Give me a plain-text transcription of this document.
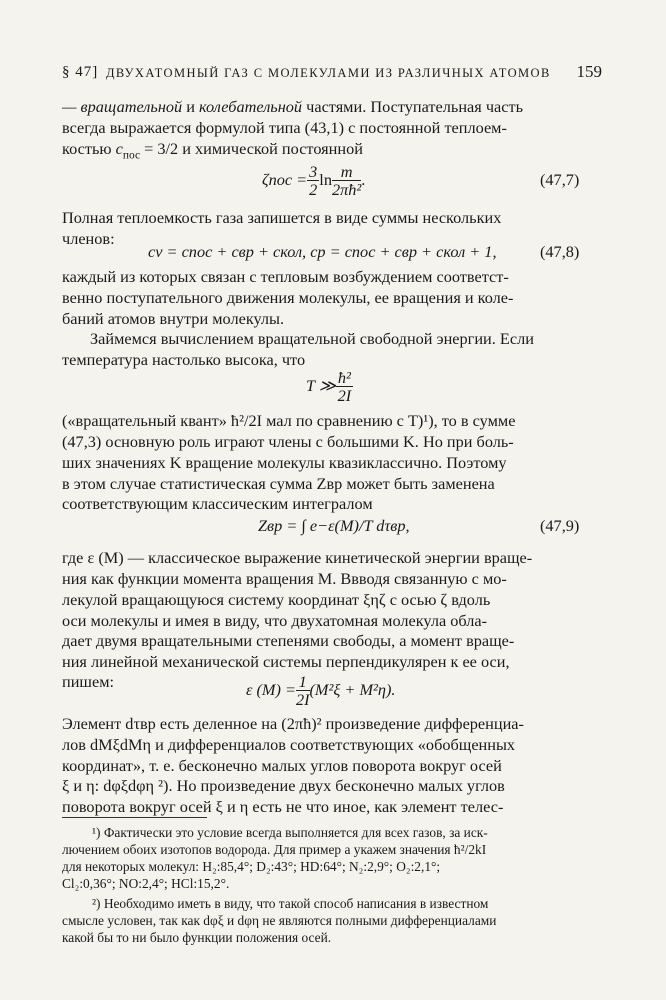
§ 47] ДВУХАТОМНЫЙ ГАЗ С МОЛЕКУЛАМИ ИЗ РАЗЛИЧНЫХ АТОМОВ 159
— вращательной и колебательной частями. Поступательная часть
всегда выражается формулой типа (43,1) с постоянной теплоем-
костью $c_{пос} = 3/2$ и химической постоянной
$\zeta пос = \frac{3}{2}$ $\ln \frac{m}{\text{2πħ²}}$ .	(47,7)
Полная теплоемкость газа запишется в виде суммы нескольких
членов:
cv = cпос + cвр + cкол, cp = cпос + cвр + cкол + 1,	(47,8)
каждый из которых связан с тепловым возбуждением соответст-
венно поступательного движения молекулы, ее вращения и коле-
баний атомов внутри молекулы.
Займемся вычислением вращательной свободной энергии. Если
температура настолько высока, что
T ≫ $\frac{\text{ħ²}}{2I}$
(«вращательный квант» ħ²/2I мал по сравнению с T)¹), то в сумме
(47,3) основную роль играют члены с большими K. Но при боль-
ших значениях K вращение молекулы квазиклассично. Поэтому
в этом случае статистическая сумма Zвр может быть заменена
соответствующим классическим интегралом
Zвр = ∫ e−ε(M)/T dτвр,	(47,9)
где ε (M) — классическое выражение кинетической энергии враще-
ния как функции момента вращения M. Ввводя связанную с мо-
лекулой вращающуюся систему координат ξηζ с осью ζ вдоль
оси молекулы и имея в виду, что двухатомная молекула обла-
дает двумя вращательными степенями свободы, а момент враще-
ния линейной механической системы перпендикулярен к ее оси,
пишем:	ε $(M) = \frac{1}{2I} (M^2\xi + M^2\eta)$.
Элемент dτвр есть деленное на (2πħ)² произведение дифференциа-
лов dMξdMη и дифференциалов соответствующих «обобщенных
координат», т. е. бесконечно малых углов поворота вокруг осей
ξ и η: dφξdφη ²). Но произведение двух бесконечно малых углов
поворота вокруг осей ξ и η есть не что иное, как элемент телес-
¹) Фактически это условие всегда выполняется для всех газов, за иск-
лючением обоих изотопов водорода. Для пример а укажем значения ħ²/2kI
для некоторых молекул: H₂:85,4°; D₂:43°; HD:64°; N₂:2,9°; O₂:2,1°;
Cl₂:0,36°; NO:2,4°; HCl:15,2°.
²) Необходимо иметь в виду, что такой способ написания в известном
смысле условен, так как dφξ и dφη не являются полными дифференциалами
какой бы то ни было функции положения осей.
